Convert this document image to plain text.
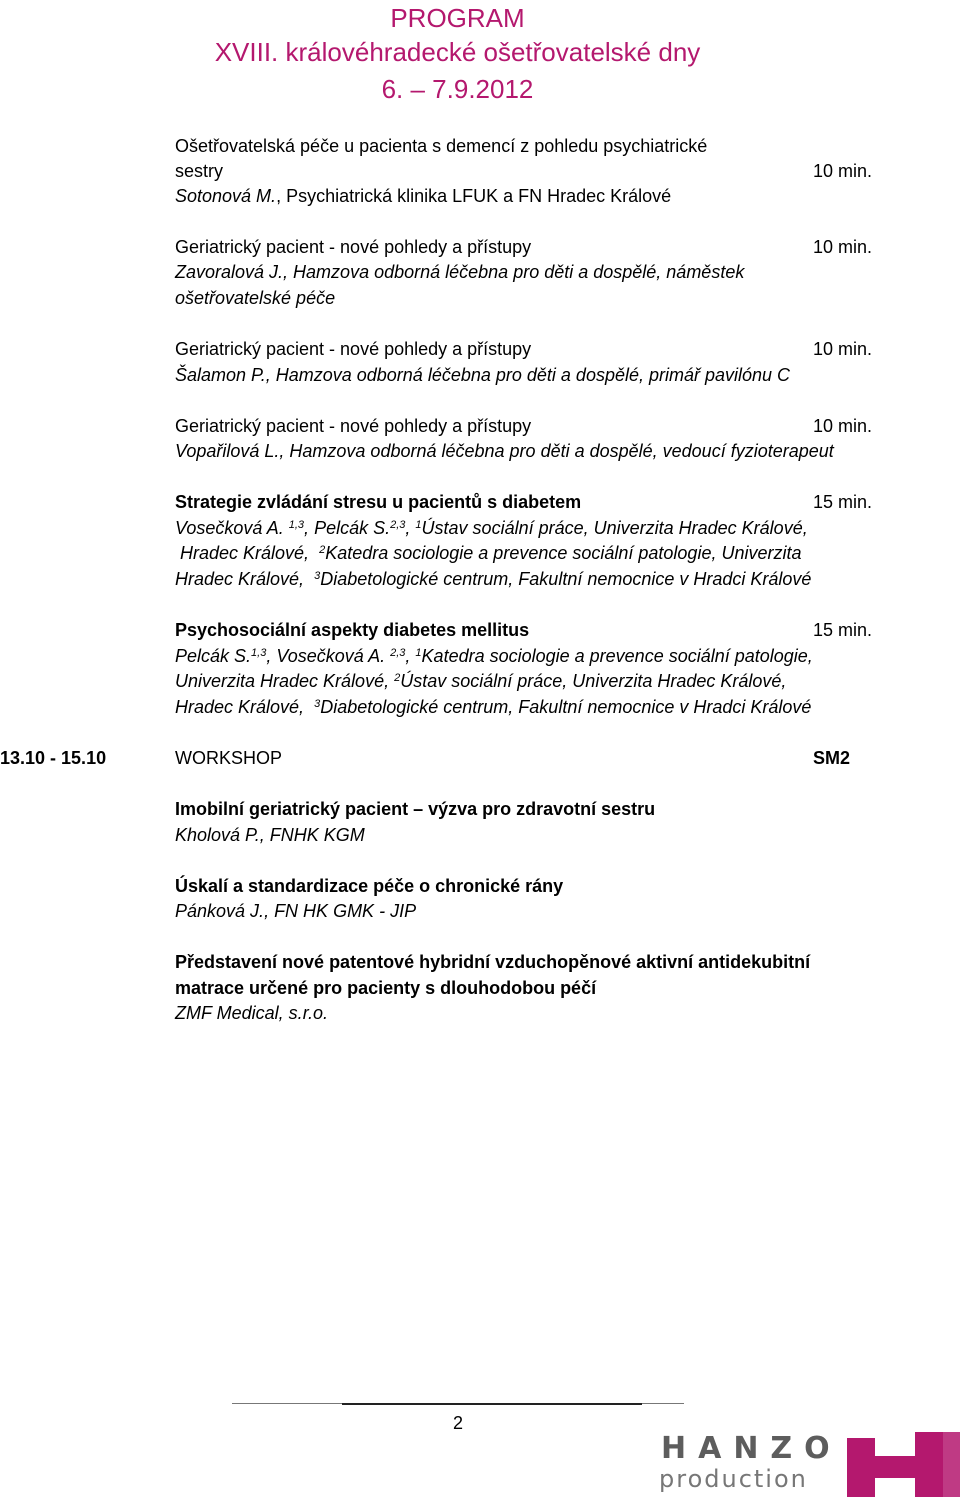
PROGRAM
XVIII. královéhradecké ošetřovatelské dny
6. – 7.9.2012
Ošetřovatelská péče u pacienta s demencí z pohledu psychiatrické
sestry	10 min.
Sotonová M., Psychiatrická klinika LFUK a FN Hradec Králové
Geriatrický pacient - nové pohledy a přístupy	10 min.
Zavoralová J., Hamzova odborná léčebna pro děti a dospělé, náměstek
ošetřovatelské péče
Geriatrický pacient - nové pohledy a přístupy	10 min.
Šalamon P., Hamzova odborná léčebna pro děti a dospělé, primář pavilónu C
Geriatrický pacient - nové pohledy a přístupy	10 min.
Vopařilová L., Hamzova odborná léčebna pro děti a dospělé, vedoucí fyzioterapeut
Strategie zvládání stresu u pacientů s diabetem	15 min.
Vosečková A. $^{1,3}$, Pelcák S.$^{2,3}$, $^1$Ústav sociální práce, Univerzita Hradec Králové,
Hradec Králové, $^2$Katedra sociologie a prevence sociální patologie, Univerzita
Hradec Králové, $^3$Diabetologické centrum, Fakultní nemocnice v Hradci Králové
Psychosociální aspekty diabetes mellitus	15 min.
Pelcák S.$^{1,3}$, Vosečková A. $^{2,3}$, $^1$Katedra sociologie a prevence sociální patologie,
Univerzita Hradec Králové, $^2$Ústav sociální práce, Univerzita Hradec Králové,
Hradec Králové, $^3$Diabetologické centrum, Fakultní nemocnice v Hradci Králové
13.10 - 15.10	WORKSHOP	SM2
Imobilní geriatrický pacient – výzva pro zdravotní sestru
Kholová P., FNHK KGM
Úskalí a standardizace péče o chronické rány
Pánková J., FN HK GMK - JIP
Představení nové patentové hybridní vzduchopěnové aktivní antidekubitní
matrace určené pro pacienty s dlouhodobou péčí
ZMF Medical, s.r.o.
2
HANZO
production
